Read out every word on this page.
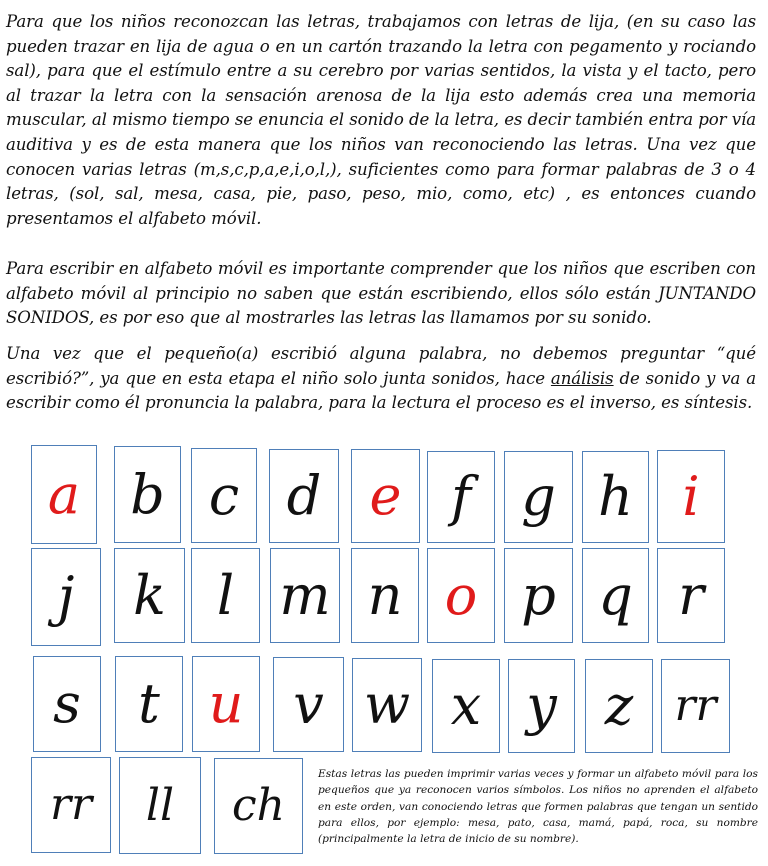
Para que los niños reconozcan las letras, trabajamos con letras de lija, (en su caso las pueden trazar en lija de agua o en un cartón trazando la letra con pegamento y rociando sal), para que el estímulo entre a su cerebro por varias sentidos, la vista y el tacto, pero al trazar la letra con la sensación arenosa de la lija esto además crea una memoria muscular, al mismo tiempo se enuncia el sonido de la letra, es decir también entra por vía auditiva y es de esta manera que los niños van reconociendo las letras. Una vez que conocen varias letras (m,s,c,p,a,e,i,o,l,), suficientes como para formar palabras de 3 o 4 letras, (sol, sal, mesa, casa, pie, paso, peso, mio, como, etc) , es entonces cuando presentamos el alfabeto móvil.

Para escribir en alfabeto móvil es importante comprender que los niños que escriben con alfabeto móvil al principio no saben que están escribiendo, ellos sólo están JUNTANDO SONIDOS, es por eso que al mostrarles las letras las llamamos por su sonido.

Una vez que el pequeño(a) escribió alguna palabra, no debemos preguntar “qué escribió?”, ya que en esta etapa el niño solo junta sonidos, hace análisis de sonido y va a escribir como él pronuncia la palabra, para la lectura el proceso es el inverso, es síntesis.

a b c d e f g h i
j	k l m n o p q r
s	t u v w x y z rr
rr	ll	ch

Estas letras las pueden imprimir varias veces y formar un alfabeto móvil para los pequeños que ya reconocen varios símbolos. Los niños no aprenden el alfabeto en este orden, van conociendo letras que formen palabras que tengan un sentido para ellos, por ejemplo: mesa, pato, casa, mamá, papá, roca, su nombre (principalmente la letra de inicio de su nombre).
